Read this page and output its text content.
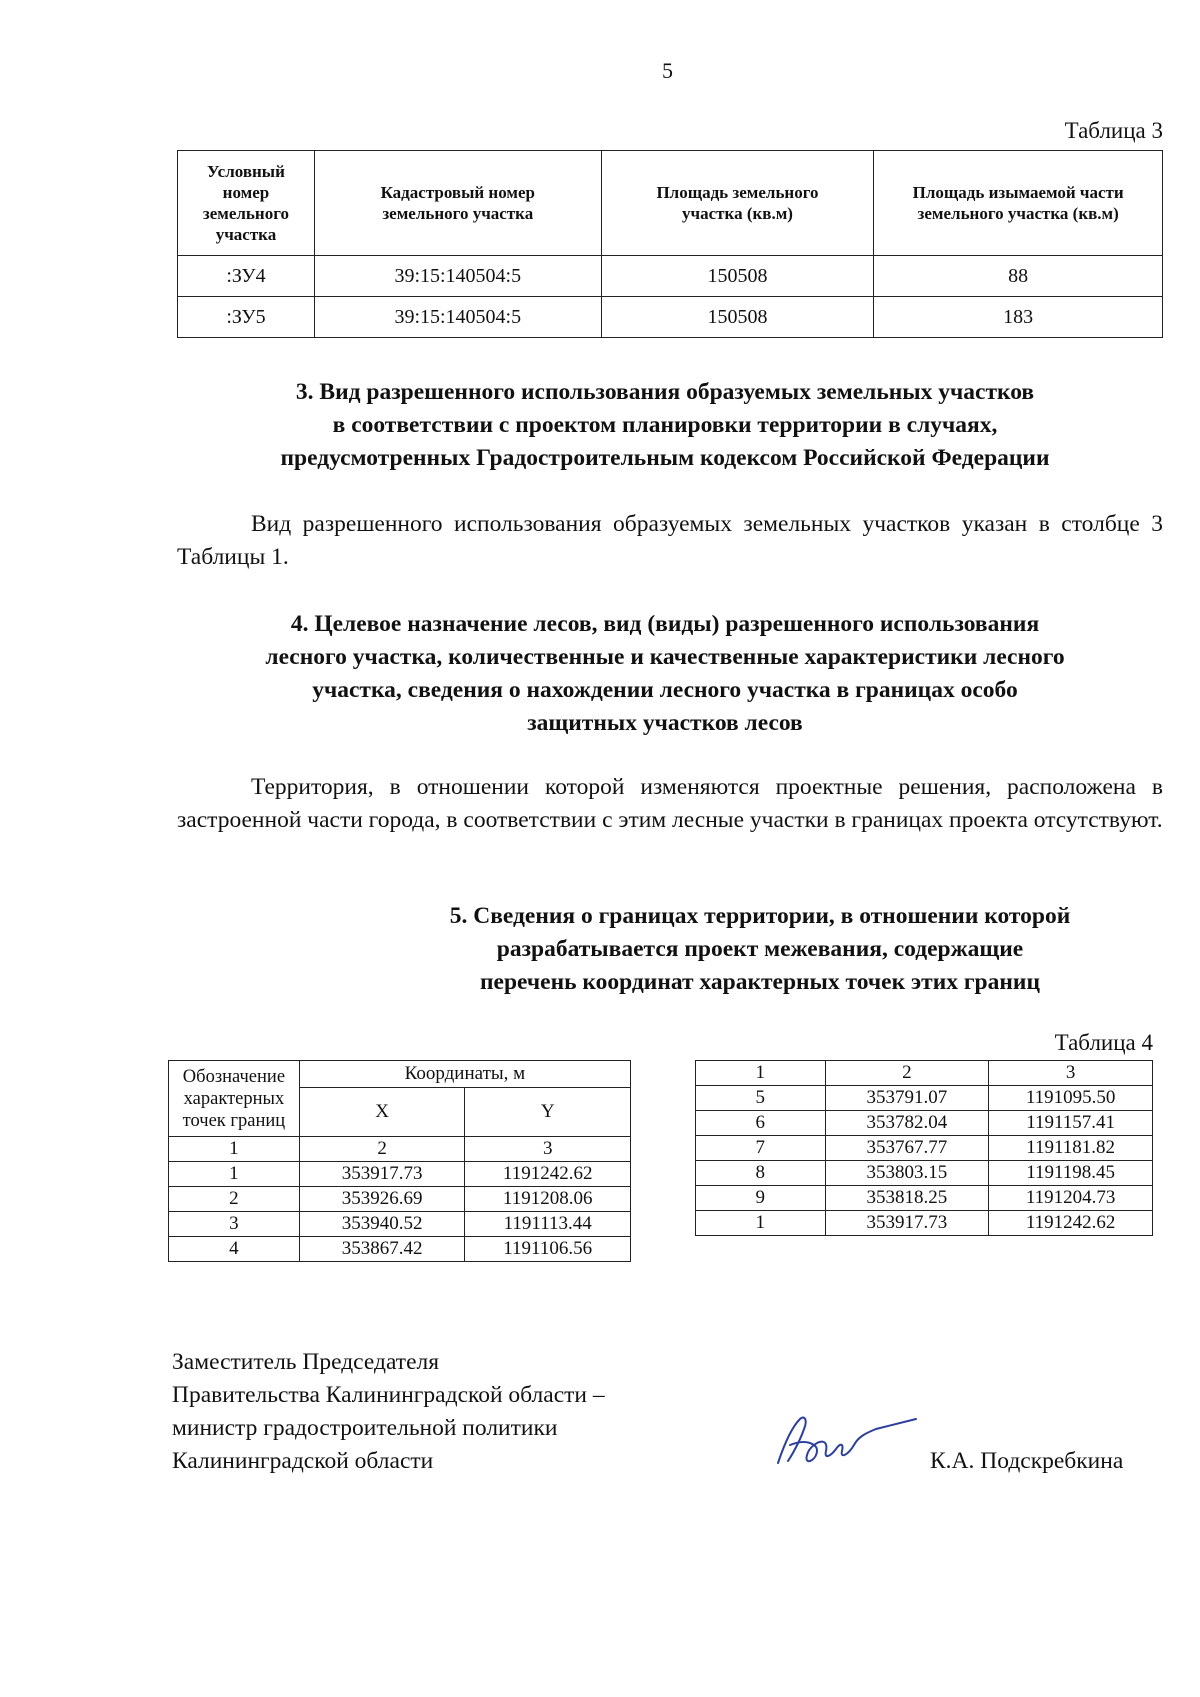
5
Таблица 3
Условный номер земельного участка	Кадастровый номер земельного участка	Площадь земельного участка (кв.м)	Площадь изымаемой части земельного участка (кв.м)
:ЗУ4	39:15:140504:5	150508	88
:ЗУ5	39:15:140504:5	150508	183
3. Вид разрешенного использования образуемых земельных участков
в соответствии с проектом планировки территории в случаях,
предусмотренных Градостроительным кодексом Российской Федерации
Вид разрешенного использования образуемых земельных участков указан в столбце 3 Таблицы 1.
4. Целевое назначение лесов, вид (виды) разрешенного использования
лесного участка, количественные и качественные характеристики лесного
участка, сведения о нахождении лесного участка в границах особо
защитных участков лесов
Территория, в отношении которой изменяются проектные решения, расположена в застроенной части города, в соответствии с этим лесные участки в границах проекта отсутствуют.
5. Сведения о границах территории, в отношении которой
разрабатывается проект межевания, содержащие
перечень координат характерных точек этих границ
Таблица 4
Обозначение характерных точек границ	Координаты, м	
	X	Y
1	2	3
1	353917.73	1191242.62
2	353926.69	1191208.06
3	353940.52	1191113.44
4	353867.42	1191106.56
1	2	3
5	353791.07	1191095.50
6	353782.04	1191157.41
7	353767.77	1191181.82
8	353803.15	1191198.45
9	353818.25	1191204.73
1	353917.73	1191242.62
Заместитель Председателя
Правительства Калининградской области –
министр градостроительной политики
Калининградской области	К.А. Подскребкина
